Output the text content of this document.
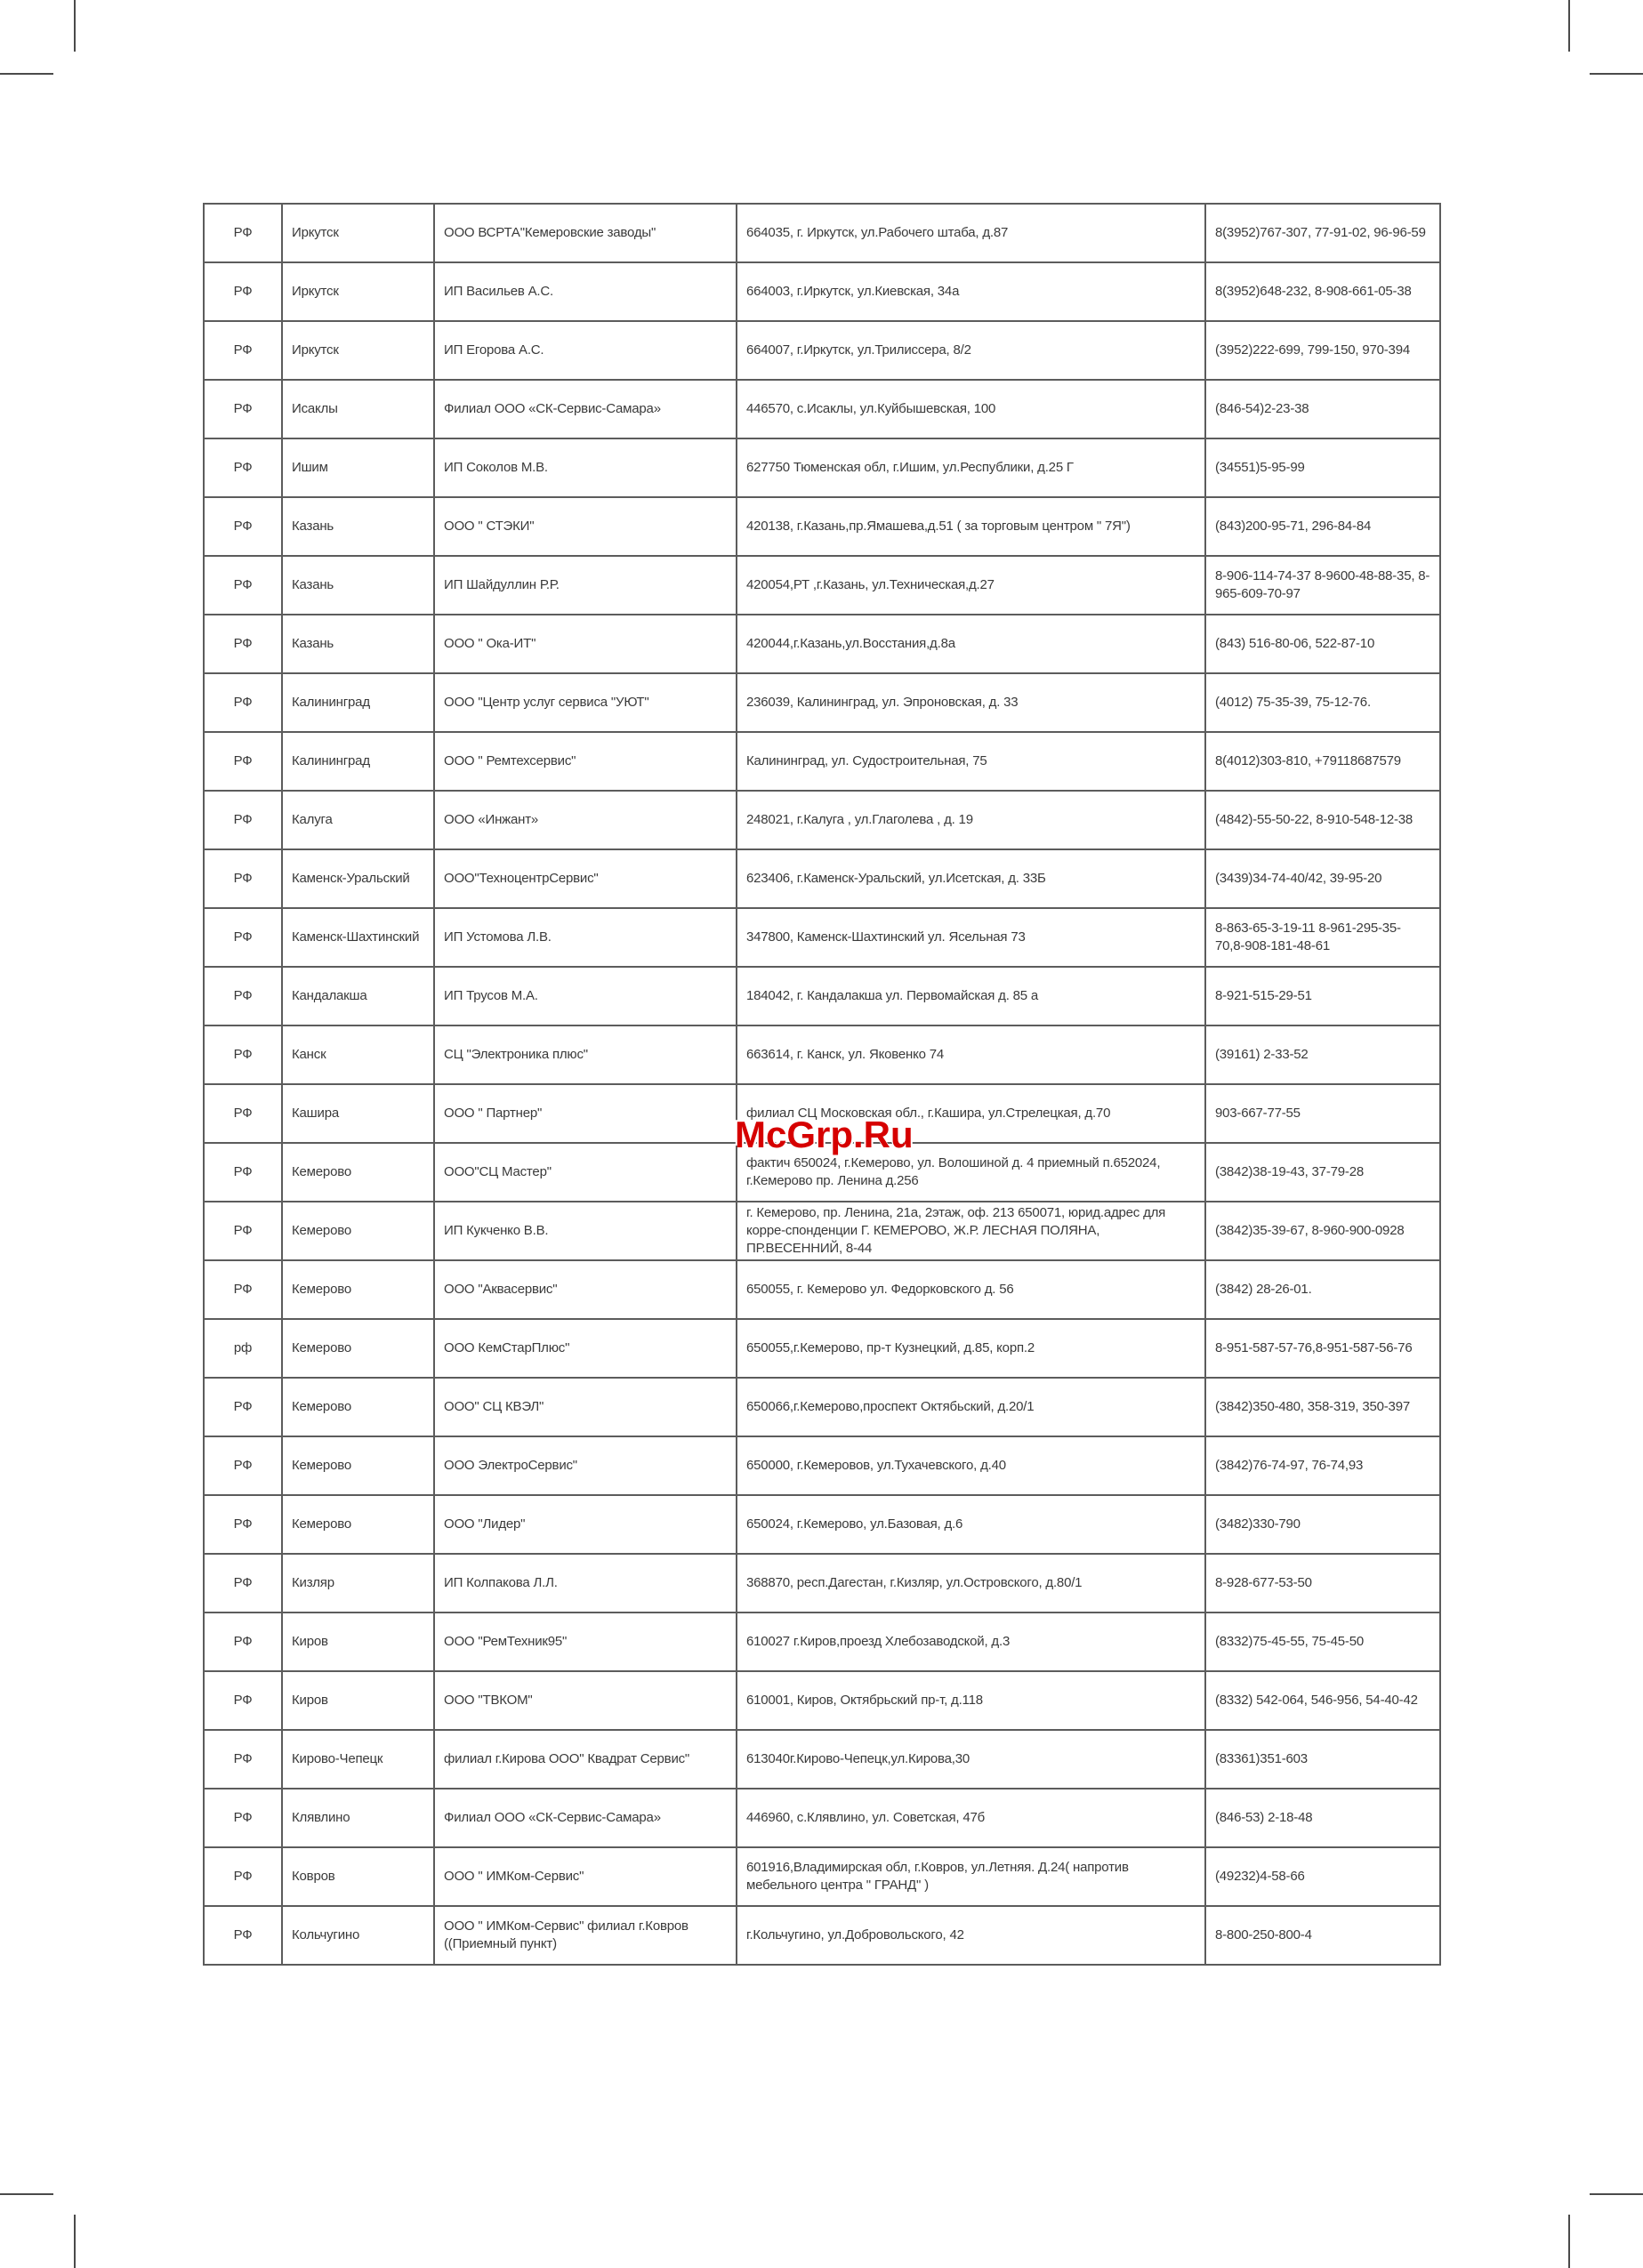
РФ	Иркутск	ООО ВСРТА"Кемеровские заводы"	664035, г. Иркутск, ул.Рабочего штаба, д.87	8(3952)767-307, 77-91-02, 96-96-59
РФ	Иркутск	ИП Васильев А.С.	664003, г.Иркутск, ул.Киевская, 34а	8(3952)648-232, 8-908-661-05-38
РФ	Иркутск	ИП Егорова А.С.	664007, г.Иркутск, ул.Трилиссера, 8/2	(3952)222-699, 799-150, 970-394
РФ	Исаклы	Филиал ООО «СК-Сервис-Самара»	446570, с.Исаклы, ул.Куйбышевская, 100	(846-54)2-23-38
РФ	Ишим	ИП Соколов М.В.	627750 Тюменская обл, г.Ишим, ул.Республики, д.25 Г	(34551)5-95-99
РФ	Казань	ООО " СТЭКИ"	420138, г.Казань,пр.Ямашева,д.51 ( за торговым центром " 7Я")	(843)200-95-71, 296-84-84
РФ	Казань	ИП Шайдуллин Р.Р.	420054,РТ ,г.Казань, ул.Техническая,д.27	8-906-114-74-37 8-9600-48-88-35, 8-965-609-70-97
РФ	Казань	ООО " Ока-ИТ"	420044,г.Казань,ул.Восстания,д.8а	(843) 516-80-06, 522-87-10
РФ	Калининград	ООО "Центр услуг сервиса "УЮТ"	236039, Калининград, ул. Эпроновская, д. 33	(4012) 75-35-39, 75-12-76.
РФ	Калининград	ООО " Ремтехсервис"	Калининград, ул. Судостроительная, 75	8(4012)303-810, +79118687579
РФ	Калуга	ООО «Инжант»	248021, г.Калуга , ул.Глаголева , д. 19	(4842)-55-50-22, 8-910-548-12-38
РФ	Каменск-Уральский	ООО"ТехноцентрСервис"	623406, г.Каменск-Уральский, ул.Исетская, д. 33Б	(3439)34-74-40/42, 39-95-20
РФ	Каменск-Шахтинский	ИП Устомова Л.В.	347800, Каменск-Шахтинский ул. Ясельная 73	8-863-65-3-19-11 8-961-295-35-70,8-908-181-48-61
РФ	Кандалакша	ИП Трусов М.А.	184042, г. Кандалакша ул. Первомайская д. 85 а	8-921-515-29-51
РФ	Канск	СЦ "Электроника плюс"	663614, г. Канск, ул. Яковенко 74	(39161) 2-33-52
РФ	Кашира	ООО " Партнер"	филиал СЦ Московская обл., г.Кашира, ул.Стрелецкая, д.70	903-667-77-55
РФ	Кемерово	ООО"СЦ Мастер"	фактич 650024, г.Кемерово, ул. Волошиной д. 4 приемный п.652024, г.Кемерово пр. Ленина д.256	(3842)38-19-43, 37-79-28
РФ	Кемерово	ИП Кукченко В.В.	г. Кемерово, пр. Ленина, 21а, 2этаж, оф. 213 650071, юрид.адрес для корре-спонденции Г. КЕМЕРОВО, Ж.Р. ЛЕСНАЯ ПОЛЯНА, ПР.ВЕСЕННИЙ, 8-44	(3842)35-39-67, 8-960-900-0928
РФ	Кемерово	ООО "Аквасервис"	650055, г. Кемерово ул. Федорковского д. 56	(3842) 28-26-01.
рф	Кемерово	ООО КемСтарПлюс"	650055,г.Кемерово, пр-т Кузнецкий, д.85, корп.2	8-951-587-57-76,8-951-587-56-76
РФ	Кемерово	ООО" СЦ КВЭЛ"	650066,г.Кемерово,проспект Октябьский, д.20/1	(3842)350-480, 358-319, 350-397
РФ	Кемерово	ООО ЭлектроСервис"	650000, г.Кемеровов, ул.Тухачевского, д.40	(3842)76-74-97, 76-74,93
РФ	Кемерово	ООО "Лидер"	650024, г.Кемерово, ул.Базовая, д.6	(3482)330-790
РФ	Кизляр	ИП Колпакова Л.Л.	368870, респ.Дагестан, г.Кизляр, ул.Островского, д.80/1	8-928-677-53-50
РФ	Киров	ООО "РемТехник95"	610027 г.Киров,проезд Хлебозаводской, д.3	(8332)75-45-55, 75-45-50
РФ	Киров	ООО "ТВКОМ"	610001, Киров, Октябрьский пр-т, д.118	(8332) 542-064, 546-956, 54-40-42
РФ	Кирово-Чепецк	филиал г.Кирова ООО" Квадрат Сервис"	613040г.Кирово-Чепецк,ул.Кирова,30	(83361)351-603
РФ	Клявлино	Филиал ООО «СК-Сервис-Самара»	446960, с.Клявлино, ул. Советская, 47б	(846-53) 2-18-48
РФ	Ковров	ООО " ИМКом-Сервис"	601916,Владимирская обл, г.Ковров, ул.Летняя. Д.24( напротив мебельного центра " ГРАНД" )	(49232)4-58-66
РФ	Кольчугино	ООО " ИМКом-Сервис" филиал г.Ковров ((Приемный пункт)	г.Кольчугино, ул.Добровольского, 42	8-800-250-800-4
McGrp.Ru
